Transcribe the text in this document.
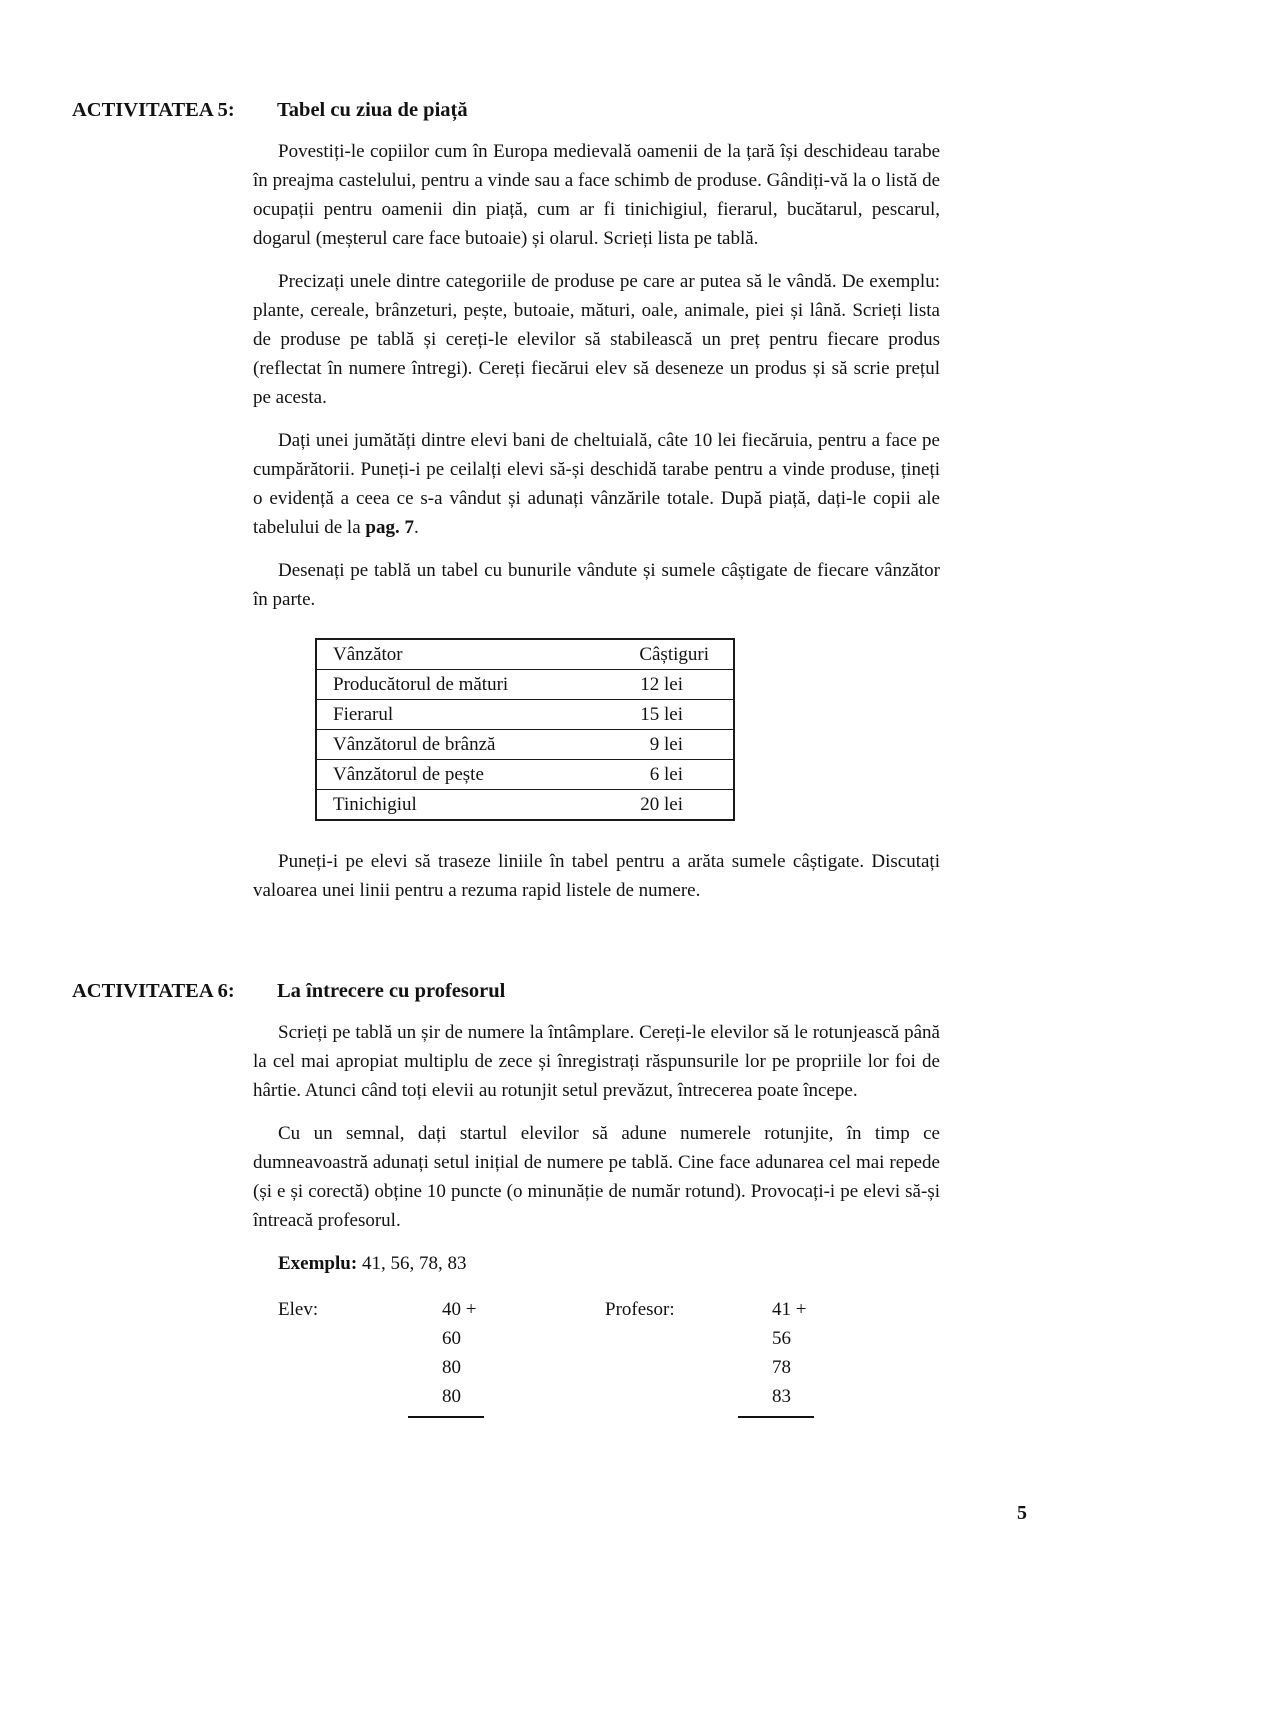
ACTIVITATEA 5:	Tabel cu ziua de piață

Povestiți-le copiilor cum în Europa medievală oamenii de la țară își deschideau tarabe în preajma castelului, pentru a vinde sau a face schimb de produse. Gândiți-vă la o listă de ocupații pentru oamenii din piață, cum ar fi tinichigiul, fierarul, bucătarul, pescarul, dogarul (meșterul care face butoaie) și olarul. Scrieți lista pe tablă.

Precizați unele dintre categoriile de produse pe care ar putea să le vândă. De exemplu: plante, cereale, brânzeturi, pește, butoaie, mături, oale, animale, piei și lână. Scrieți lista de produse pe tablă și cereți-le elevilor să stabilească un preț pentru fiecare produs (reflectat în numere întregi). Cereți fiecărui elev să deseneze un produs și să scrie prețul pe acesta.

Dați unei jumătăți dintre elevi bani de cheltuială, câte 10 lei fiecăruia, pentru a face pe cumpărătorii. Puneți-i pe ceilalți elevi să-și deschidă tarabe pentru a vinde produse, țineți o evidență a ceea ce s-a vândut și adunați vânzările totale. După piață, dați-le copii ale tabelului de la pag. 7.

Desenați pe tablă un tabel cu bunurile vândute și sumele câștigate de fiecare vânzător în parte.

Vânzător	Câștiguri
Producătorul de mături	12 lei
Fierarul	15 lei
Vânzătorul de brânză	9 lei
Vânzătorul de pește	6 lei
Tinichigiul	20 lei

Puneți-i pe elevi să traseze liniile în tabel pentru a arăta sumele câștigate. Discutați valoarea unei linii pentru a rezuma rapid listele de numere.

ACTIVITATEA 6:	La întrecere cu profesorul

Scrieți pe tablă un șir de numere la întâmplare. Cereți-le elevilor să le rotunjească până la cel mai apropiat multiplu de zece și înregistrați răspunsurile lor pe propriile lor foi de hârtie. Atunci când toți elevii au rotunjit setul prevăzut, întrecerea poate începe.

Cu un semnal, dați startul elevilor să adune numerele rotunjite, în timp ce dumneavoastră adunați setul inițial de numere pe tablă. Cine face adunarea cel mai repede (și e și corectă) obține 10 puncte (o minunăție de număr rotund). Provocați-i pe elevi să-și întreacă profesorul.

Exemplu: 41, 56, 78, 83

Elev:	40 +
60
80
80
Profesor:	41 +
56
78
83
5
